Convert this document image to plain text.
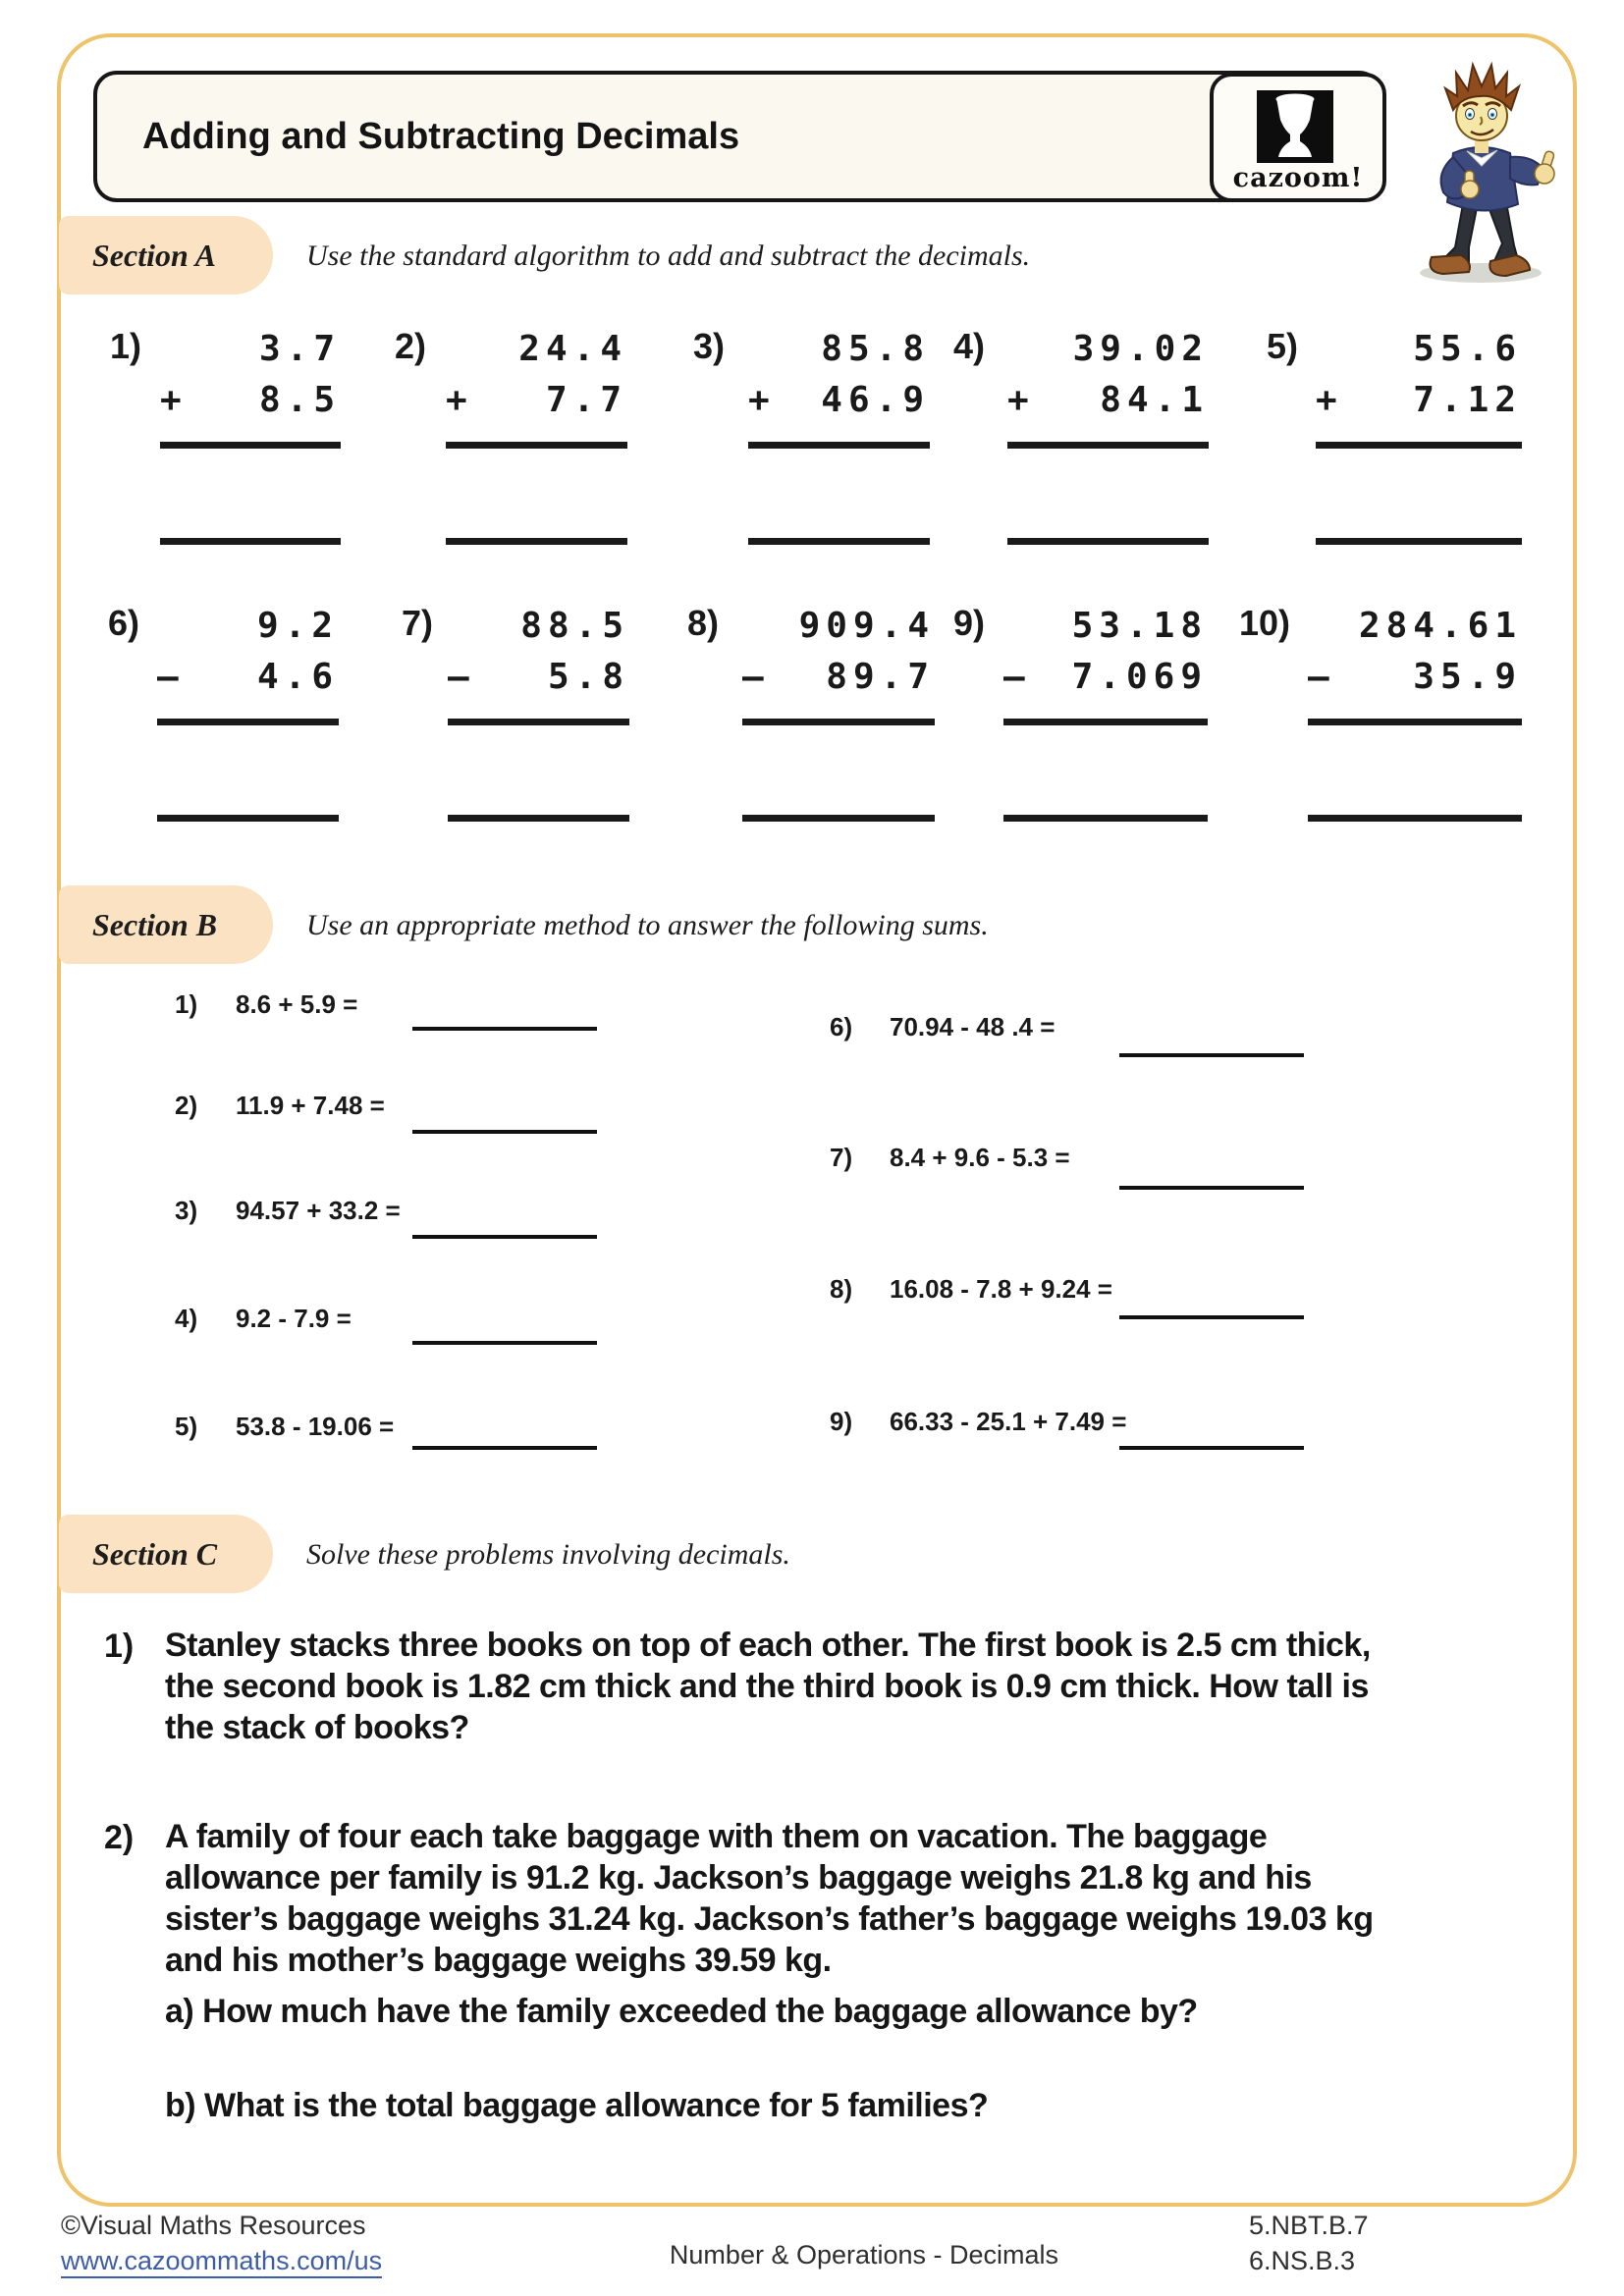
Adding and Subtracting Decimals
cazoom!
Section A	Use the standard algorithm to add and subtract the decimals.
1)	3.7
+ 8.5
2)	24.4
+ 7.7
3)	85.8
+ 46.9
4)	39.02
+ 84.1
5)	55.6
+ 7.12
6)	9.2
– 4.6
7)	88.5
– 5.8
8)	909.4
– 89.7
9)	53.18
– 7.069
10)	284.61
– 35.9
Section B	Use an appropriate method to answer the following sums.
1) 8.6 + 5.9 =
2) 11.9 + 7.48 =
3) 94.57 + 33.2 =
4) 9.2 - 7.9 =
5) 53.8 - 19.06 =
6) 70.94 - 48 .4 =
7) 8.4 + 9.6 - 5.3 =
8) 16.08 - 7.8 + 9.24 =
9) 66.33 - 25.1 + 7.49 =
Section C	Solve these problems involving decimals.
1) Stanley stacks three books on top of each other. The first book is 2.5 cm thick,
the second book is 1.82 cm thick and the third book is 0.9 cm thick. How tall is
the stack of books?
2) A family of four each take baggage with them on vacation. The baggage
allowance per family is 91.2 kg. Jackson’s baggage weighs 21.8 kg and his
sister’s baggage weighs 31.24 kg. Jackson’s father’s baggage weighs 19.03 kg
and his mother’s baggage weighs 39.59 kg.
a) How much have the family exceeded the baggage allowance by?
b) What is the total baggage allowance for 5 families?
©Visual Maths Resources
www.cazoommaths.com/us	Number & Operations - Decimals
5.NBT.B.7
6.NS.B.3
